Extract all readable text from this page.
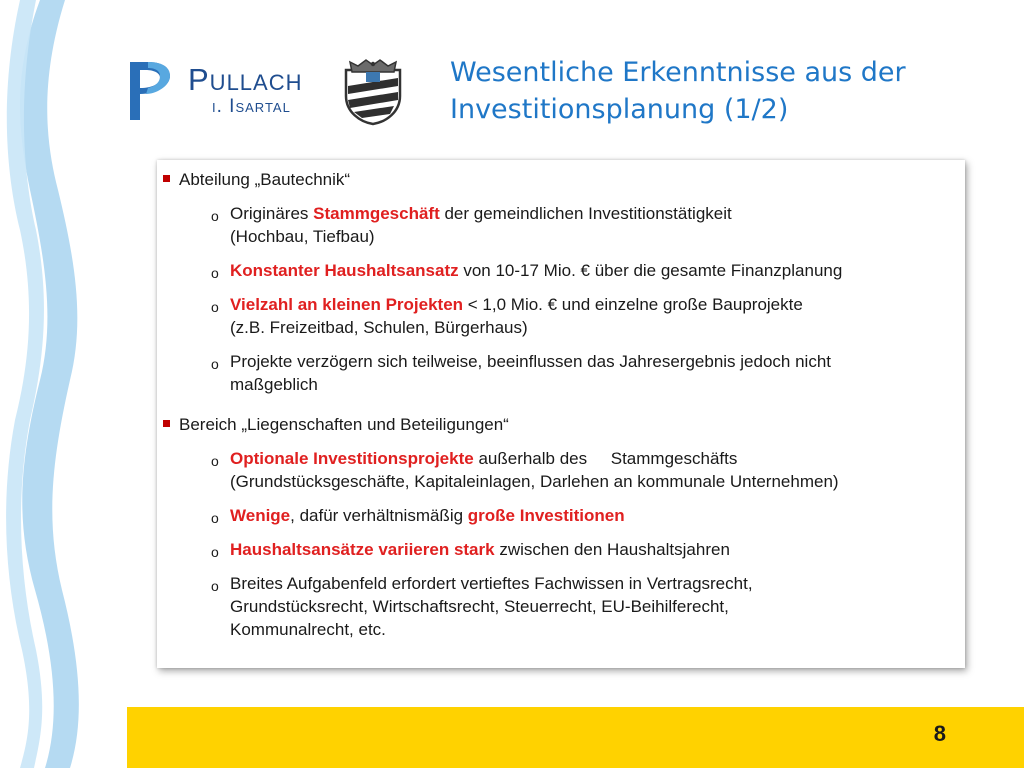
Pullach
i. Isartal
Wesentliche Erkenntnisse aus der
Investitionsplanung (1/2)
Abteilung „Bautechnik“
o Originäres Stammgeschäft der gemeindlichen Investitionstätigkeit
(Hochbau, Tiefbau)
o Konstanter Haushaltsansatz von 10-17 Mio. € über die gesamte Finanzplanung
o Vielzahl an kleinen Projekten < 1,0 Mio. € und einzelne große Bauprojekte
(z.B. Freizeitbad, Schulen, Bürgerhaus)
o Projekte verzögern sich teilweise, beeinflussen das Jahresergebnis jedoch nicht
maßgeblich
Bereich „Liegenschaften und Beteiligungen“
o Optionale Investitionsprojekte außerhalb des     Stammgeschäfts
(Grundstücksgeschäfte, Kapitaleinlagen, Darlehen an kommunale Unternehmen)
o Wenige, dafür verhältnismäßig große Investitionen
o Haushaltsansätze variieren stark zwischen den Haushaltsjahren
o Breites Aufgabenfeld erfordert vertieftes Fachwissen in Vertragsrecht,
Grundstücksrecht, Wirtschaftsrecht, Steuerrecht, EU-Beihilferecht,
Kommunalrecht, etc.
8
